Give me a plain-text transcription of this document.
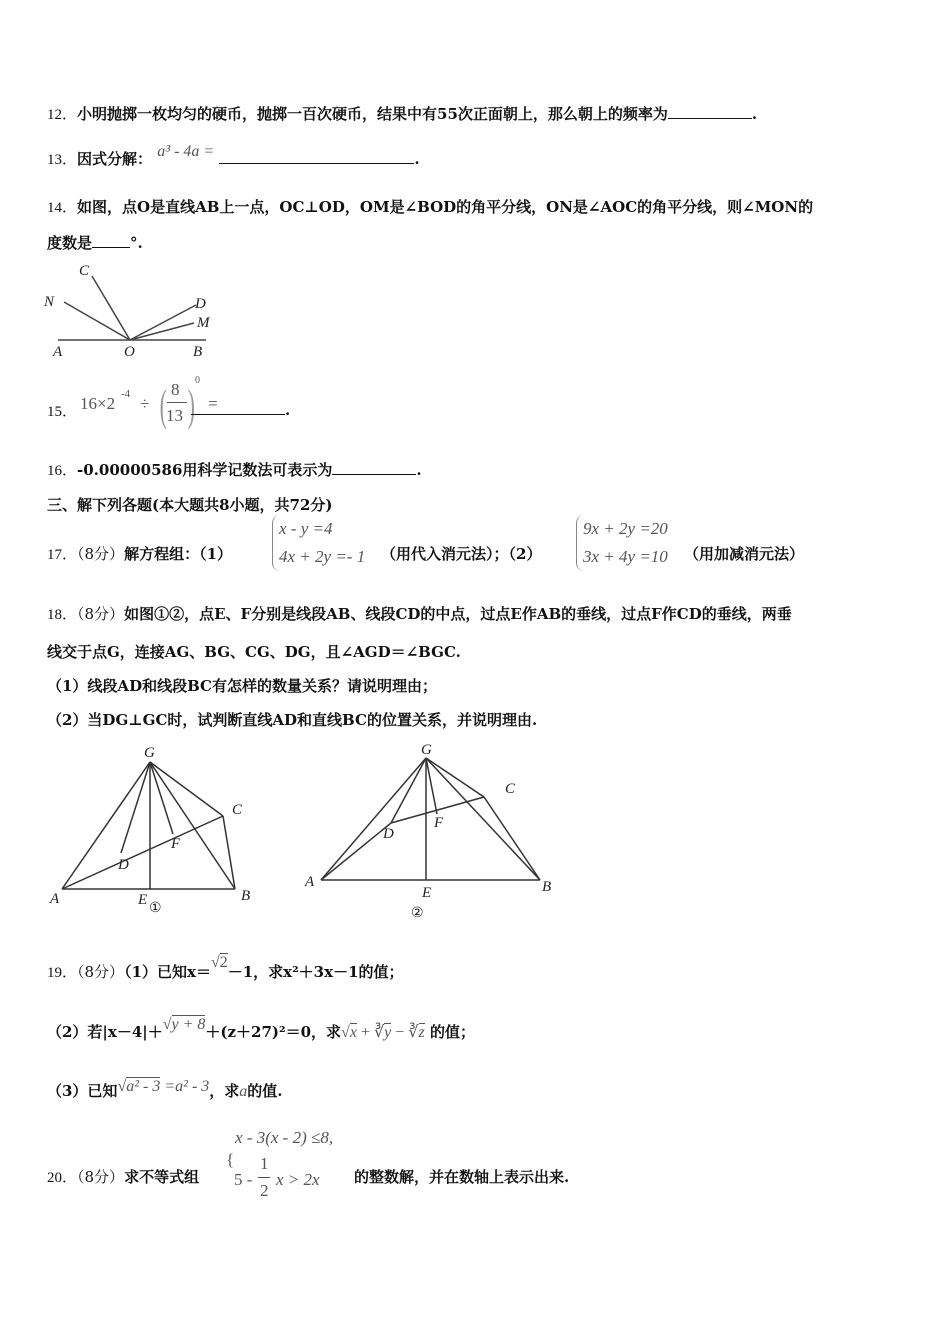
12．小明抛掷一枚均匀的硬币，抛掷一百次硬币，结果中有55次正面朝上，那么朝上的频率为	.
13．因式分解： a³ - 4a =	.
14．如图，点O是直线AB上一点，OC⊥OD，OM是∠BOD的角平分线，ON是∠AOC的角平分线，则∠MON的
度数是	°.
C
N	D
M
A	O	B
15． 16×2 -4 ÷ ( 8
13 )
0
=	.
16．-0.00000586用科学记数法可表示为	.
三、解下列各题(本大题共8小题，共72分)
17．（8分）解方程组：（1）
x - y =4
4x + 2y =- 1 （用代入消元法）；（2）
9x + 2y =20
3x + 4y =10 （用加减消元法）
18．（8分）如图①②，点E、F分别是线段AB、线段CD的中点，过点E作AB的垂线，过点F作CD的垂线，两垂
线交于点G，连接AG、BG、CG、DG，且∠AGD＝∠BGC.
（1）线段AD和线段BC有怎样的数量关系？请说明理由；
（2）当DG⊥GC时，试判断直线AD和直线BC的位置关系，并说明理由.
G
C
F
D
A	E	B
①
G
C
F
D
A
E	B
②
19．（8分）（1）已知x＝√2－1，求x²＋3x－1的值；
（2）若|x－4|＋√y + 8＋(z＋27)²＝0，求√x + ∛y − ∛z 的值；
（3）已知√a² - 3 =a² - 3，求a的值.
x - 3(x - 2) ≤8,
20．（8分）求不等式组
{
5 -
1
2
x > 2x 的整数解，并在数轴上表示出来.
